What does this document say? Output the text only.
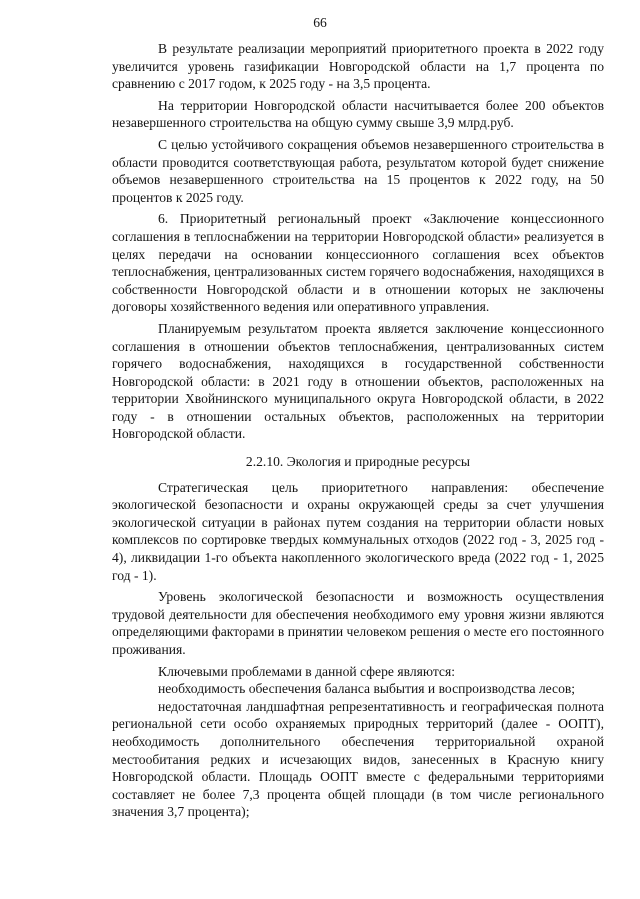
66

В результате реализации мероприятий приоритетного проекта в 2022 году увеличится уровень газификации Новгородской области на 1,7 процента по сравнению с 2017 годом, к 2025 году - на 3,5 процента.

На территории Новгородской области насчитывается более 200 объектов незавершенного строительства на общую сумму свыше 3,9 млрд.руб.

С целью устойчивого сокращения объемов незавершенного строительства в области проводится соответствующая работа, результатом которой будет снижение объемов незавершенного строительства на 15 процентов к 2022 году, на 50 процентов к 2025 году.

6. Приоритетный региональный проект «Заключение концессионного соглашения в теплоснабжении на территории Новгородской области» реализуется в целях передачи на основании концессионного соглашения всех объектов теплоснабжения, централизованных систем горячего водоснабжения, находящихся в собственности Новгородской области и в отношении которых не заключены договоры хозяйственного ведения или оперативного управления.

Планируемым результатом проекта является заключение концессионного соглашения в отношении объектов теплоснабжения, централизованных систем горячего водоснабжения, находящихся в государственной собственности Новгородской области: в 2021 году в отношении объектов, расположенных на территории Хвойнинского муниципального округа Новгородской области, в 2022 году - в отношении остальных объектов, расположенных на территории Новгородской области.

2.2.10. Экология и природные ресурсы

Стратегическая цель приоритетного направления: обеспечение экологической безопасности и охраны окружающей среды за счет улучшения экологической ситуации в районах путем создания на территории области новых комплексов по сортировке твердых коммунальных отходов (2022 год - 3, 2025 год - 4), ликвидации 1-го объекта накопленного экологического вреда (2022 год - 1, 2025 год - 1).

Уровень экологической безопасности и возможность осуществления трудовой деятельности для обеспечения необходимого ему уровня жизни являются определяющими факторами в принятии человеком решения о месте его постоянного проживания.

Ключевыми проблемами в данной сфере являются:

необходимость обеспечения баланса выбытия и воспроизводства лесов;

недостаточная ландшафтная репрезентативность и географическая полнота региональной сети особо охраняемых природных территорий (далее - ООПТ), необходимость дополнительного обеспечения территориальной охраной местообитания редких и исчезающих видов, занесенных в Красную книгу Новгородской области. Площадь ООПТ вместе с федеральными территориями составляет не более 7,3 процента общей площади (в том числе регионального значения 3,7 процента);
